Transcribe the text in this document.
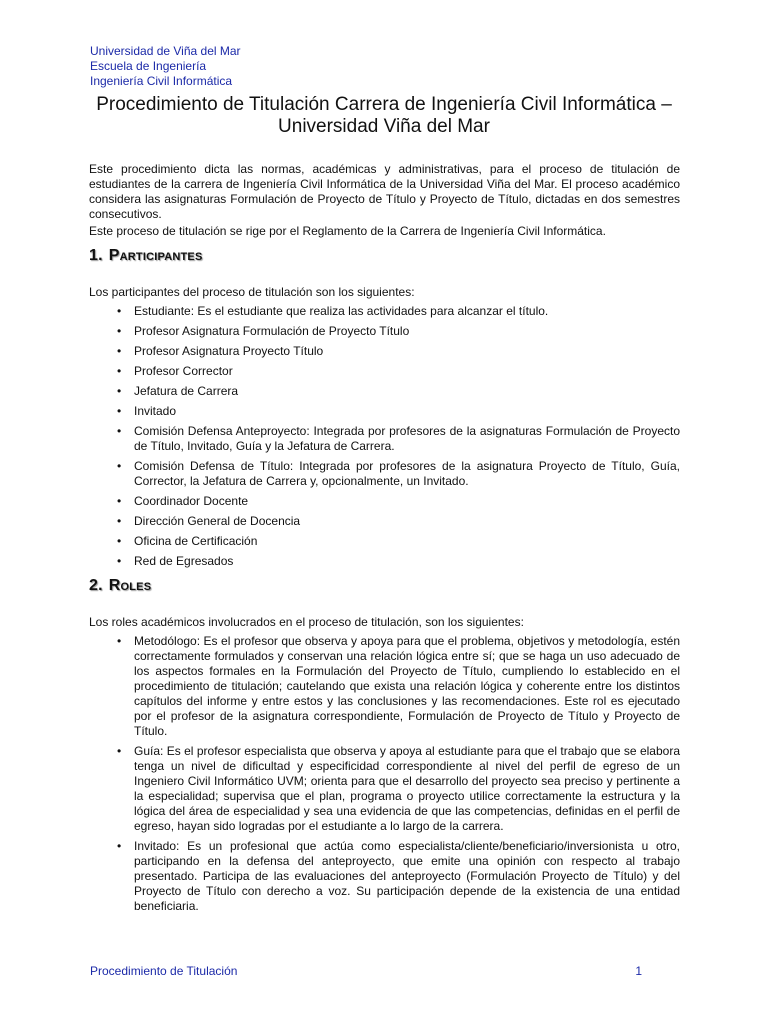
Universidad de Viña del Mar
Escuela de Ingeniería
Ingeniería Civil Informática
Procedimiento de Titulación Carrera de Ingeniería Civil Informática – Universidad Viña del Mar

Este procedimiento dicta las normas, académicas y administrativas, para el proceso de titulación de estudiantes de la carrera de Ingeniería Civil Informática de la Universidad Viña del Mar. El proceso académico considera las asignaturas Formulación de Proyecto de Título y Proyecto de Título, dictadas en dos semestres consecutivos.

Este proceso de titulación se rige por el Reglamento de la Carrera de Ingeniería Civil Informática.

1. Participantes

Los participantes del proceso de titulación son los siguientes:

• Estudiante: Es el estudiante que realiza las actividades para alcanzar el título.
• Profesor Asignatura Formulación de Proyecto Título
• Profesor Asignatura Proyecto Título
• Profesor Corrector
• Jefatura de Carrera
• Invitado
• Comisión Defensa Anteproyecto: Integrada por profesores de la asignaturas Formulación de Proyecto de Título, Invitado, Guía y la Jefatura de Carrera.
• Comisión Defensa de Título: Integrada por profesores de la asignatura Proyecto de Título, Guía, Corrector, la Jefatura de Carrera y, opcionalmente, un Invitado.
• Coordinador Docente
• Dirección General de Docencia
• Oficina de Certificación
• Red de Egresados
2. Roles

Los roles académicos involucrados en el proceso de titulación, son los siguientes:

• Metodólogo: Es el profesor que observa y apoya para que el problema, objetivos y metodología, estén correctamente formulados y conservan una relación lógica entre sí; que se haga un uso adecuado de los aspectos formales en la Formulación del Proyecto de Título, cumpliendo lo establecido en el procedimiento de titulación; cautelando que exista una relación lógica y coherente entre los distintos capítulos del informe y entre estos y las conclusiones y las recomendaciones. Este rol es ejecutado por el profesor de la asignatura correspondiente, Formulación de Proyecto de Título y Proyecto de Título.
• Guía: Es el profesor especialista que observa y apoya al estudiante para que el trabajo que se elabora tenga un nivel de dificultad y especificidad correspondiente al nivel del perfil de egreso de un Ingeniero Civil Informático UVM; orienta para que el desarrollo del proyecto sea preciso y pertinente a la especialidad; supervisa que el plan, programa o proyecto utilice correctamente la estructura y la lógica del área de especialidad y sea una evidencia de que las competencias, definidas en el perfil de egreso, hayan sido logradas por el estudiante a lo largo de la carrera.
• Invitado: Es un profesional que actúa como especialista/cliente/beneficiario/inversionista u otro, participando en la defensa del anteproyecto, que emite una opinión con respecto al trabajo presentado. Participa de las evaluaciones del anteproyecto (Formulación Proyecto de Título) y del Proyecto de Título con derecho a voz. Su participación depende de la existencia de una entidad beneficiaria.
Procedimiento de Titulación	1
